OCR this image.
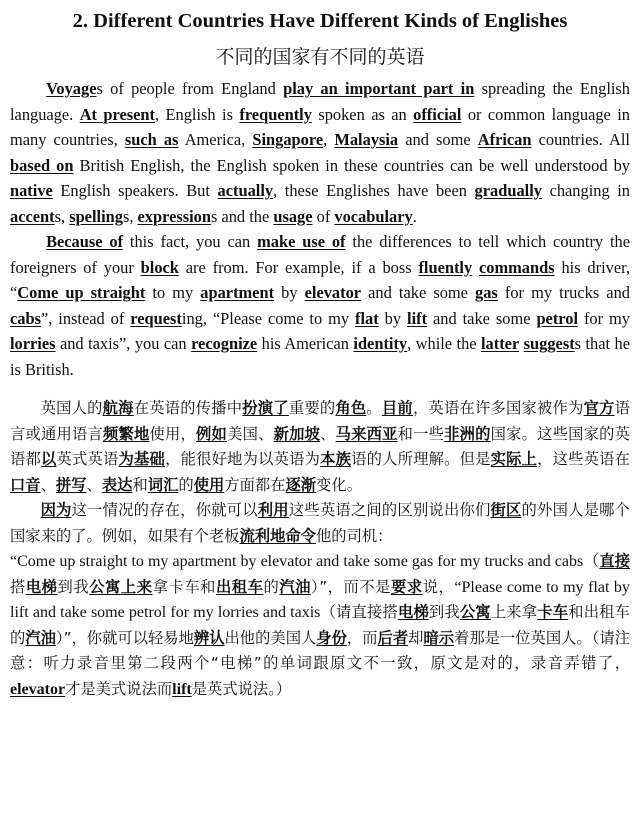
2. Different Countries Have Different Kinds of Englishes
不同的国家有不同的英语

Voyages of people from England play an important part in spreading the English language. At present, English is frequently spoken as an official or common language in many countries, such as America, Singapore, Malaysia and some African countries. All based on British English, the English spoken in these countries can be well understood by native English speakers. But actually, these Englishes have been gradually changing in accents, spellings, expressions and the usage of vocabulary.

Because of this fact, you can make use of the differences to tell which country the foreigners of your block are from. For example, if a boss fluently commands his driver, “Come up straight to my apartment by elevator and take some gas for my trucks and cabs”, instead of requesting, “Please come to my flat by lift and take some petrol for my lorries and taxis”, you can recognize his American identity, while the latter suggests that he is British.

英国人的航海在英语的传播中扮演了重要的角色。目前，英语在许多国家被作为官方语言或通用语言频繁地使用，例如美国、新加坡、马来西亚和一些非洲的国家。这些国家的英语都以英式英语为基础，能很好地为以英语为本族语的人所理解。但是实际上，这些英语在口音、拼写、表达和词汇的使用方面都在逐渐变化。

因为这一情况的存在，你就可以利用这些英语之间的区别说出你们街区的外国人是哪个国家来的了。例如，如果有个老板流利地命令他的司机：

“Come up straight to my apartment by elevator and take some gas for my trucks and cabs（直接搭电梯到我公寓上来拿卡车和出租车的汽油）”，而不是要求说，“Please come to my flat by lift and take some petrol for my lorries and taxis（请直接搭电梯到我公寓上来拿卡车和出租车的汽油）”，你就可以轻易地辨认出他的美国人身份，而后者却暗示着那是一位英国人。（请注意：听力录音里第二段两个“电梯”的单词跟原文不一致，原文是对的，录音弄错了，elevator才是美式说法而lift是英式说法。）
